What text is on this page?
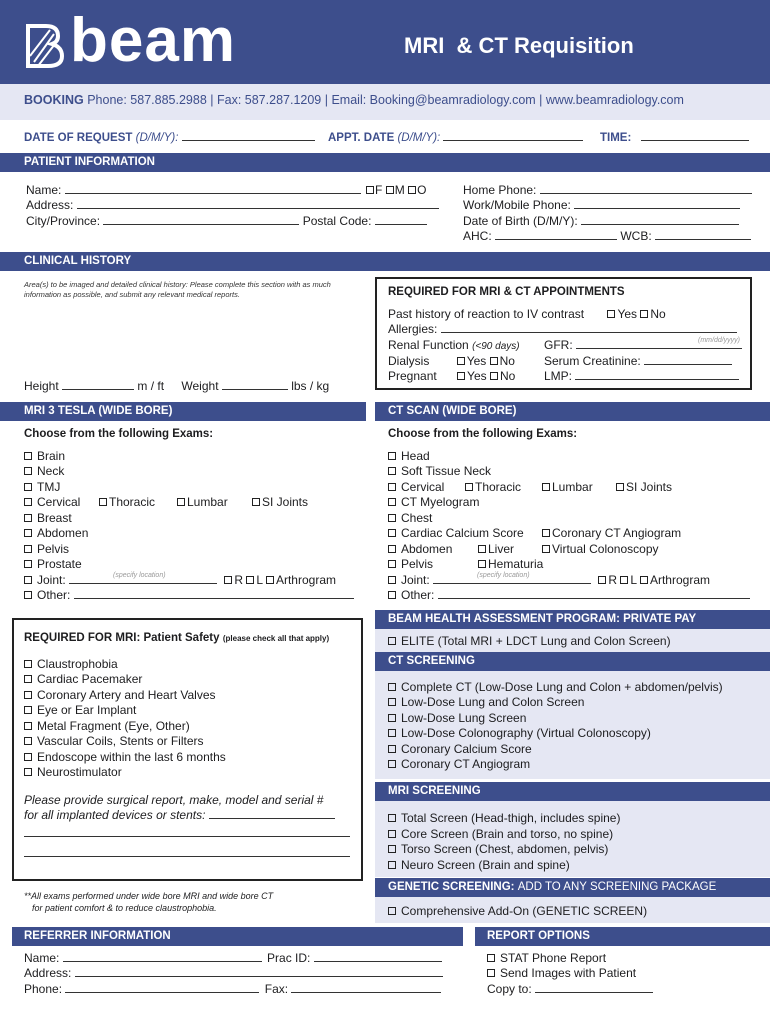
beam	MRI  & CT Requisition
BOOKING Phone: 587.885.2988 | Fax: 587.287.1209 | Email: Booking@beamradiology.com | www.beamradiology.com
DATE OF REQUEST (D/M/Y):	APPT. DATE (D/M/Y):	TIME:
PATIENT INFORMATION
Name:	F M O
Address:
City/Province:	Postal Code:
Home Phone:
Work/Mobile Phone:
Date of Birth (D/M/Y):
AHC:	WCB:
CLINICAL HISTORY
Area(s) to be imaged and detailed clinical history: Please complete this section with as much
information as possible, and submit any relevant medical reports.
Height	m / ft Weight	lbs / kg
REQUIRED FOR MRI & CT APPOINTMENTS
Past history of reaction to IV contrast	Yes No
Allergies:
Renal Function (<90 days) GFR:	(mm/dd/yyyy)
Dialysis	Yes No Serum Creatinine:
Pregnant	Yes No LMP:
MRI 3 TESLA (WIDE BORE)
Choose from the following Exams:
Brain
Neck
TMJ
Cervical	Thoracic	Lumbar	SI Joints
Breast
Abdomen
Pelvis
Prostate
Joint:	(specify location)	R L Arthrogram
Other:
CT SCAN (WIDE BORE)
Choose from the following Exams:
Head
Soft Tissue Neck
Cervical	Thoracic	Lumbar	SI Joints
CT Myelogram
Chest
Cardiac Calcium Score	Coronary CT Angiogram
Abdomen	Liver	Virtual Colonoscopy
Pelvis	Hematuria
Joint:	(specify location)	R L Arthrogram
Other:
REQUIRED FOR MRI: Patient Safety (please check all that apply)
Claustrophobia
Cardiac Pacemaker
Coronary Artery and Heart Valves
Eye or Ear Implant
Metal Fragment (Eye, Other)
Vascular Coils, Stents or Filters
Endoscope within the last 6 months
Neurostimulator
Please provide surgical report, make, model and serial #
for all implanted devices or stents:
**All exams performed under wide bore MRI and wide bore CT
for patient comfort & to reduce claustrophobia.
BEAM HEALTH ASSESSMENT PROGRAM: PRIVATE PAY
ELITE (Total MRI + LDCT Lung and Colon Screen)
CT SCREENING
Complete CT (Low-Dose Lung and Colon + abdomen/pelvis)
Low-Dose Lung and Colon Screen
Low-Dose Lung Screen
Low-Dose Colonography (Virtual Colonoscopy)
Coronary Calcium Score
Coronary CT Angiogram
MRI SCREENING
Total Screen (Head-thigh, includes spine)
Core Screen (Brain and torso, no spine)
Torso Screen (Chest, abdomen, pelvis)
Neuro Screen (Brain and spine)
GENETIC SCREENING: ADD TO ANY SCREENING PACKAGE
Comprehensive Add-On (GENETIC SCREEN)
REFERRER INFORMATION
Name:	Prac ID:
Address:
Phone:	Fax:
REPORT OPTIONS
STAT Phone Report
Send Images with Patient
Copy to:
